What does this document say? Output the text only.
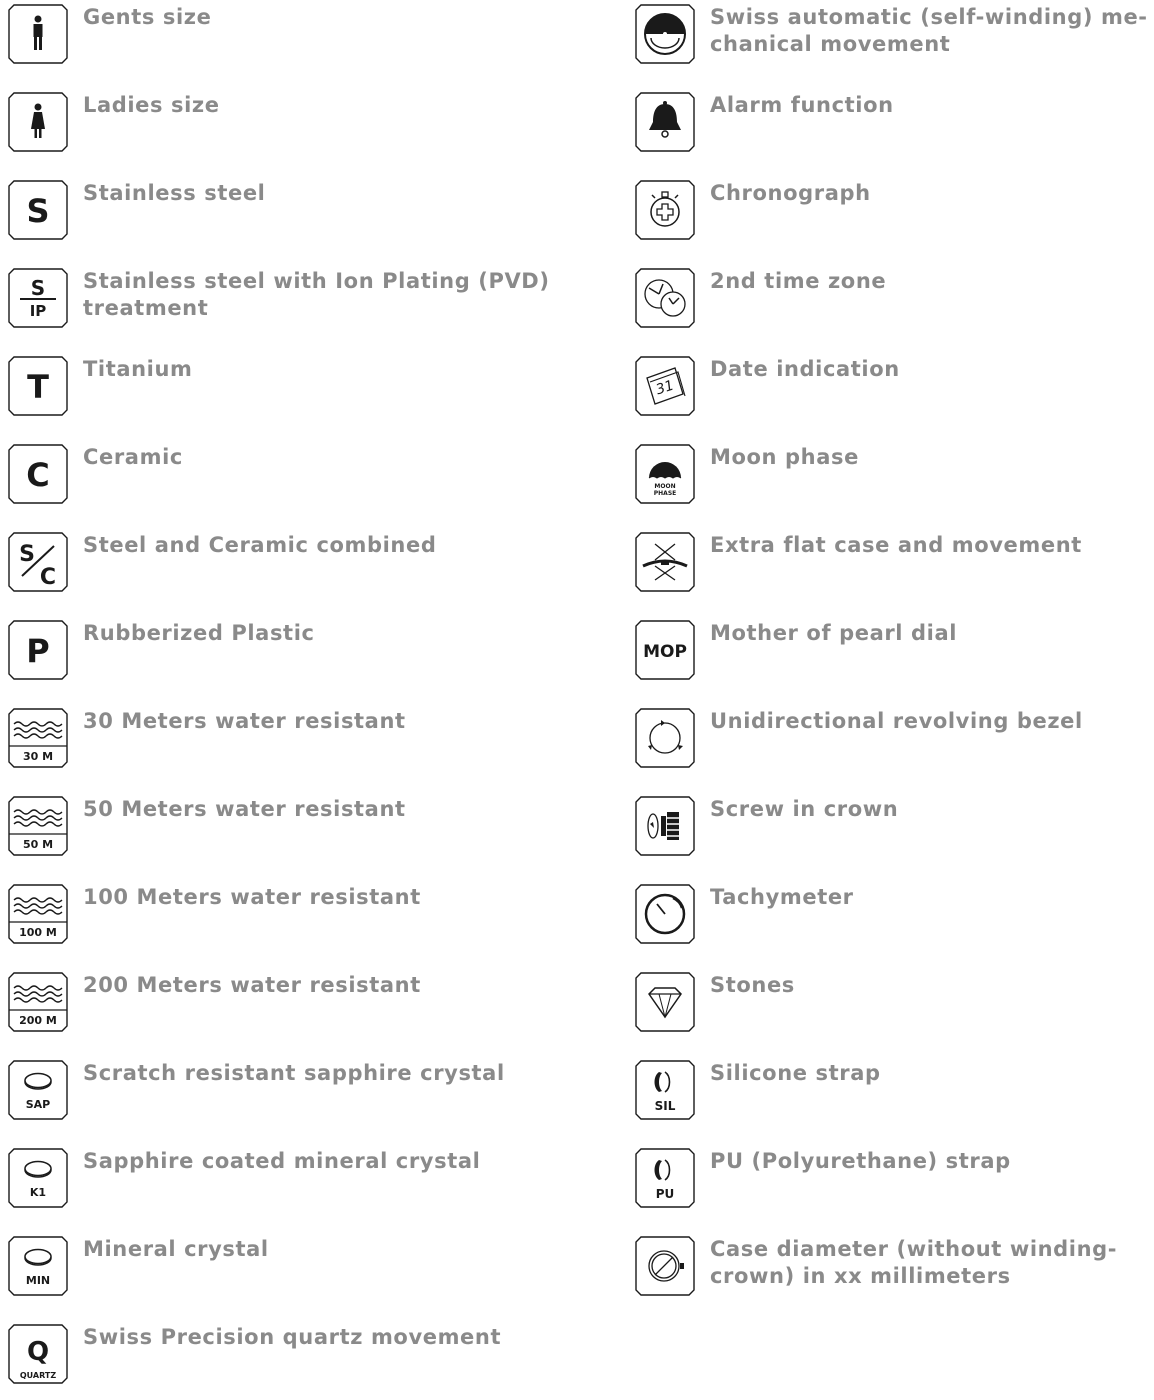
Gents size
Ladies size
S Stainless steel
S
IP
Stainless steel with Ion Plating (PVD) treatment
T Titanium
C Ceramic
S
C
Steel and Ceramic combined
P Rubberized Plastic
30 M
30 Meters water resistant
50 M
50 Meters water resistant
100 M
100 Meters water resistant
200 M
200 Meters water resistant
SAP
Scratch resistant sapphire crystal
K1
Sapphire coated mineral crystal
MIN
Mineral crystal
Q
QUARTZ
Swiss Precision quartz movement
Swiss automatic (self-winding) me- chanical movement
Alarm function
Chronograph
2nd time zone
31
Date indication
MOON
PHASE
Moon phase
Extra flat case and movement
MOP
Mother of pearl dial
Unidirectional revolving bezel
Screw in crown
Tachymeter
Stones
SIL
Silicone strap
PU
PU (Polyurethane) strap
Case diameter (without winding- crown) in xx millimeters
